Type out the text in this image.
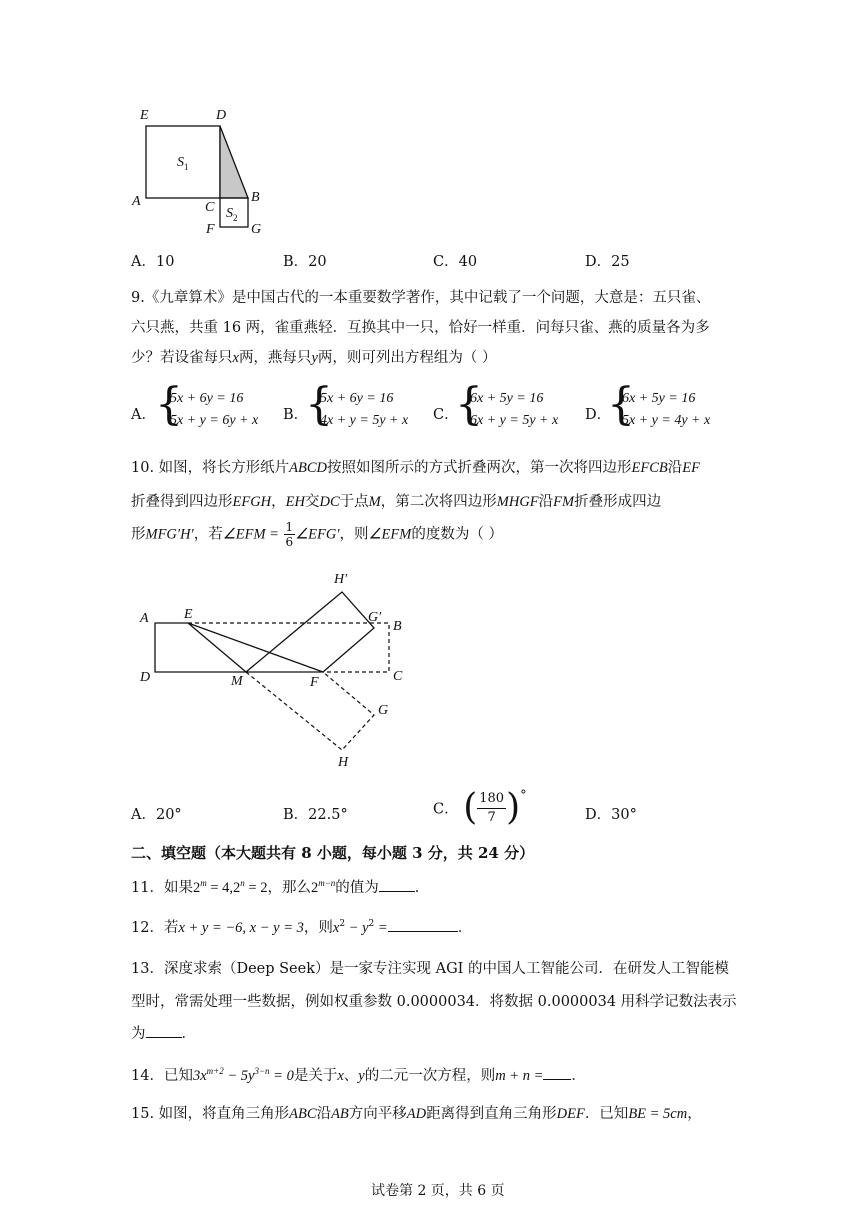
E	D
$S_1$
A	C
B
$S_2$
F	G
A．10	B．20	C．40	D．25
9.《九章算术》是中国古代的一本重要数学著作，其中记载了一个问题，大意是：五只雀、
六只燕，共重 16 两，雀重燕轻．互换其中一只，恰好一样重．问每只雀、燕的质量各为多
少？若设雀每只x两，燕每只y两，则可列出方程组为（ ）
A． {
5x + 6y = 16
5x + y = 6y + x B．
{
5x + 6y = 16
4x + y = 5y + x C．
{
6x + 5y = 16
6x + y = 5y + x D．
{
6x + 5y = 16
5x + y = 4y + x
10. 如图，将长方形纸片ABCD按照如图所示的方式折叠两次，第一次将四边形EFCB沿EF
折叠得到四边形EFGH，EH交DC于点M，第二次将四边形MHGF沿FM折叠形成四边
形MFG′H′，若∠EFM = $\frac{1}{6}$ ∠EFG′，则∠EFM的度数为（ ）
H′
A	E	G′
B
D	M	F	C
G
H
A．20°	B．22.5°	C． ( $\frac{180}{7}$ )°
D．30°
二、填空题（本大题共有 8 小题，每小题 3 分，共 24 分）
11．如果$2^m = 4,2^n = 2$，那么$2^{m-n}$的值为 ．
12．若x + y = −6, x − y = 3，则$x^2 - y^2$ =	．
13．深度求索（Deep Seek）是一家专注实现 AGI 的中国人工智能公司．在研发人工智能模
型时，常需处理一些数据，例如权重参数 0.0000034．将数据 0.0000034 用科学记数法表示
为 ．
14．已知$3x^{m+2} - 5y^{3-n} = 0$是关于x、y的二元一次方程，则m + n = ．
15. 如图，将直角三角形ABC沿AB方向平移AD距离得到直角三角形DEF．已知BE = 5cm，
试卷第 2 页，共 6 页
